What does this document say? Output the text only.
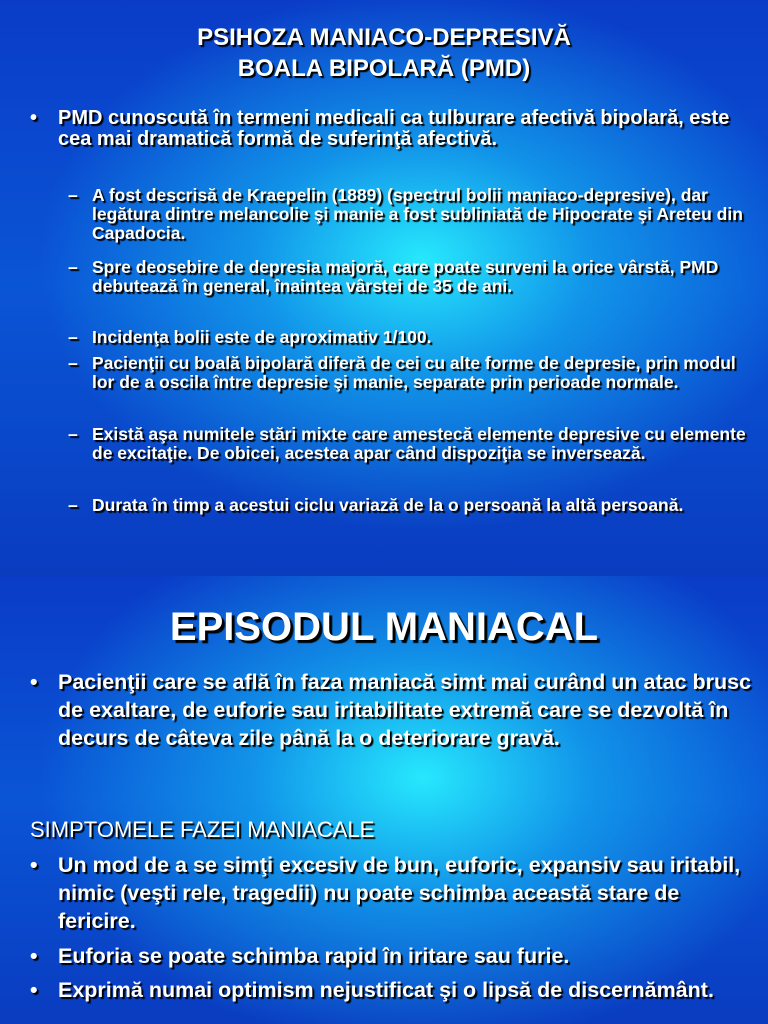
PSIHOZA MANIACO-DEPRESIVĂ
BOALA BIPOLARĂ (PMD)
• PMD cunoscută în termeni medicali ca tulburare afectivă bipolară, este cea mai dramatică formă de suferinţă afectivă.
– A fost descrisă de Kraepelin (1889) (spectrul bolii maniaco-depresive), dar legătura dintre melancolie şi manie a fost subliniată de Hipocrate şi Areteu din Capadocia.
– Spre deosebire de depresia majoră, care poate surveni la orice vârstă, PMD debutează în general, înaintea vârstei de 35 de ani.
– Incidenţa bolii este de aproximativ 1/100.
– Pacienţii cu boală bipolară diferă de cei cu alte forme de depresie, prin modul lor de a oscila între depresie şi manie, separate prin perioade normale.
– Există aşa numitele stări mixte care amestecă elemente depresive cu elemente de excitaţie. De obicei, acestea apar când dispoziţia se inversează.
– Durata în timp a acestui ciclu variază de la o persoană la altă persoană.
EPISODUL MANIACAL
• Pacienţii care se află în faza maniacă simt mai curând un atac brusc de exaltare, de euforie sau iritabilitate extremă care se dezvoltă în decurs de câteva zile până la o deteriorare gravă.
SIMPTOMELE FAZEI MANIACALE
• Un mod de a se simţi excesiv de bun, euforic, expansiv sau iritabil, nimic (veşti rele, tragedii) nu poate schimba această stare de fericire.
• Euforia se poate schimba rapid în iritare sau furie.
• Exprimă numai optimism nejustificat şi o lipsă de discernământ.
